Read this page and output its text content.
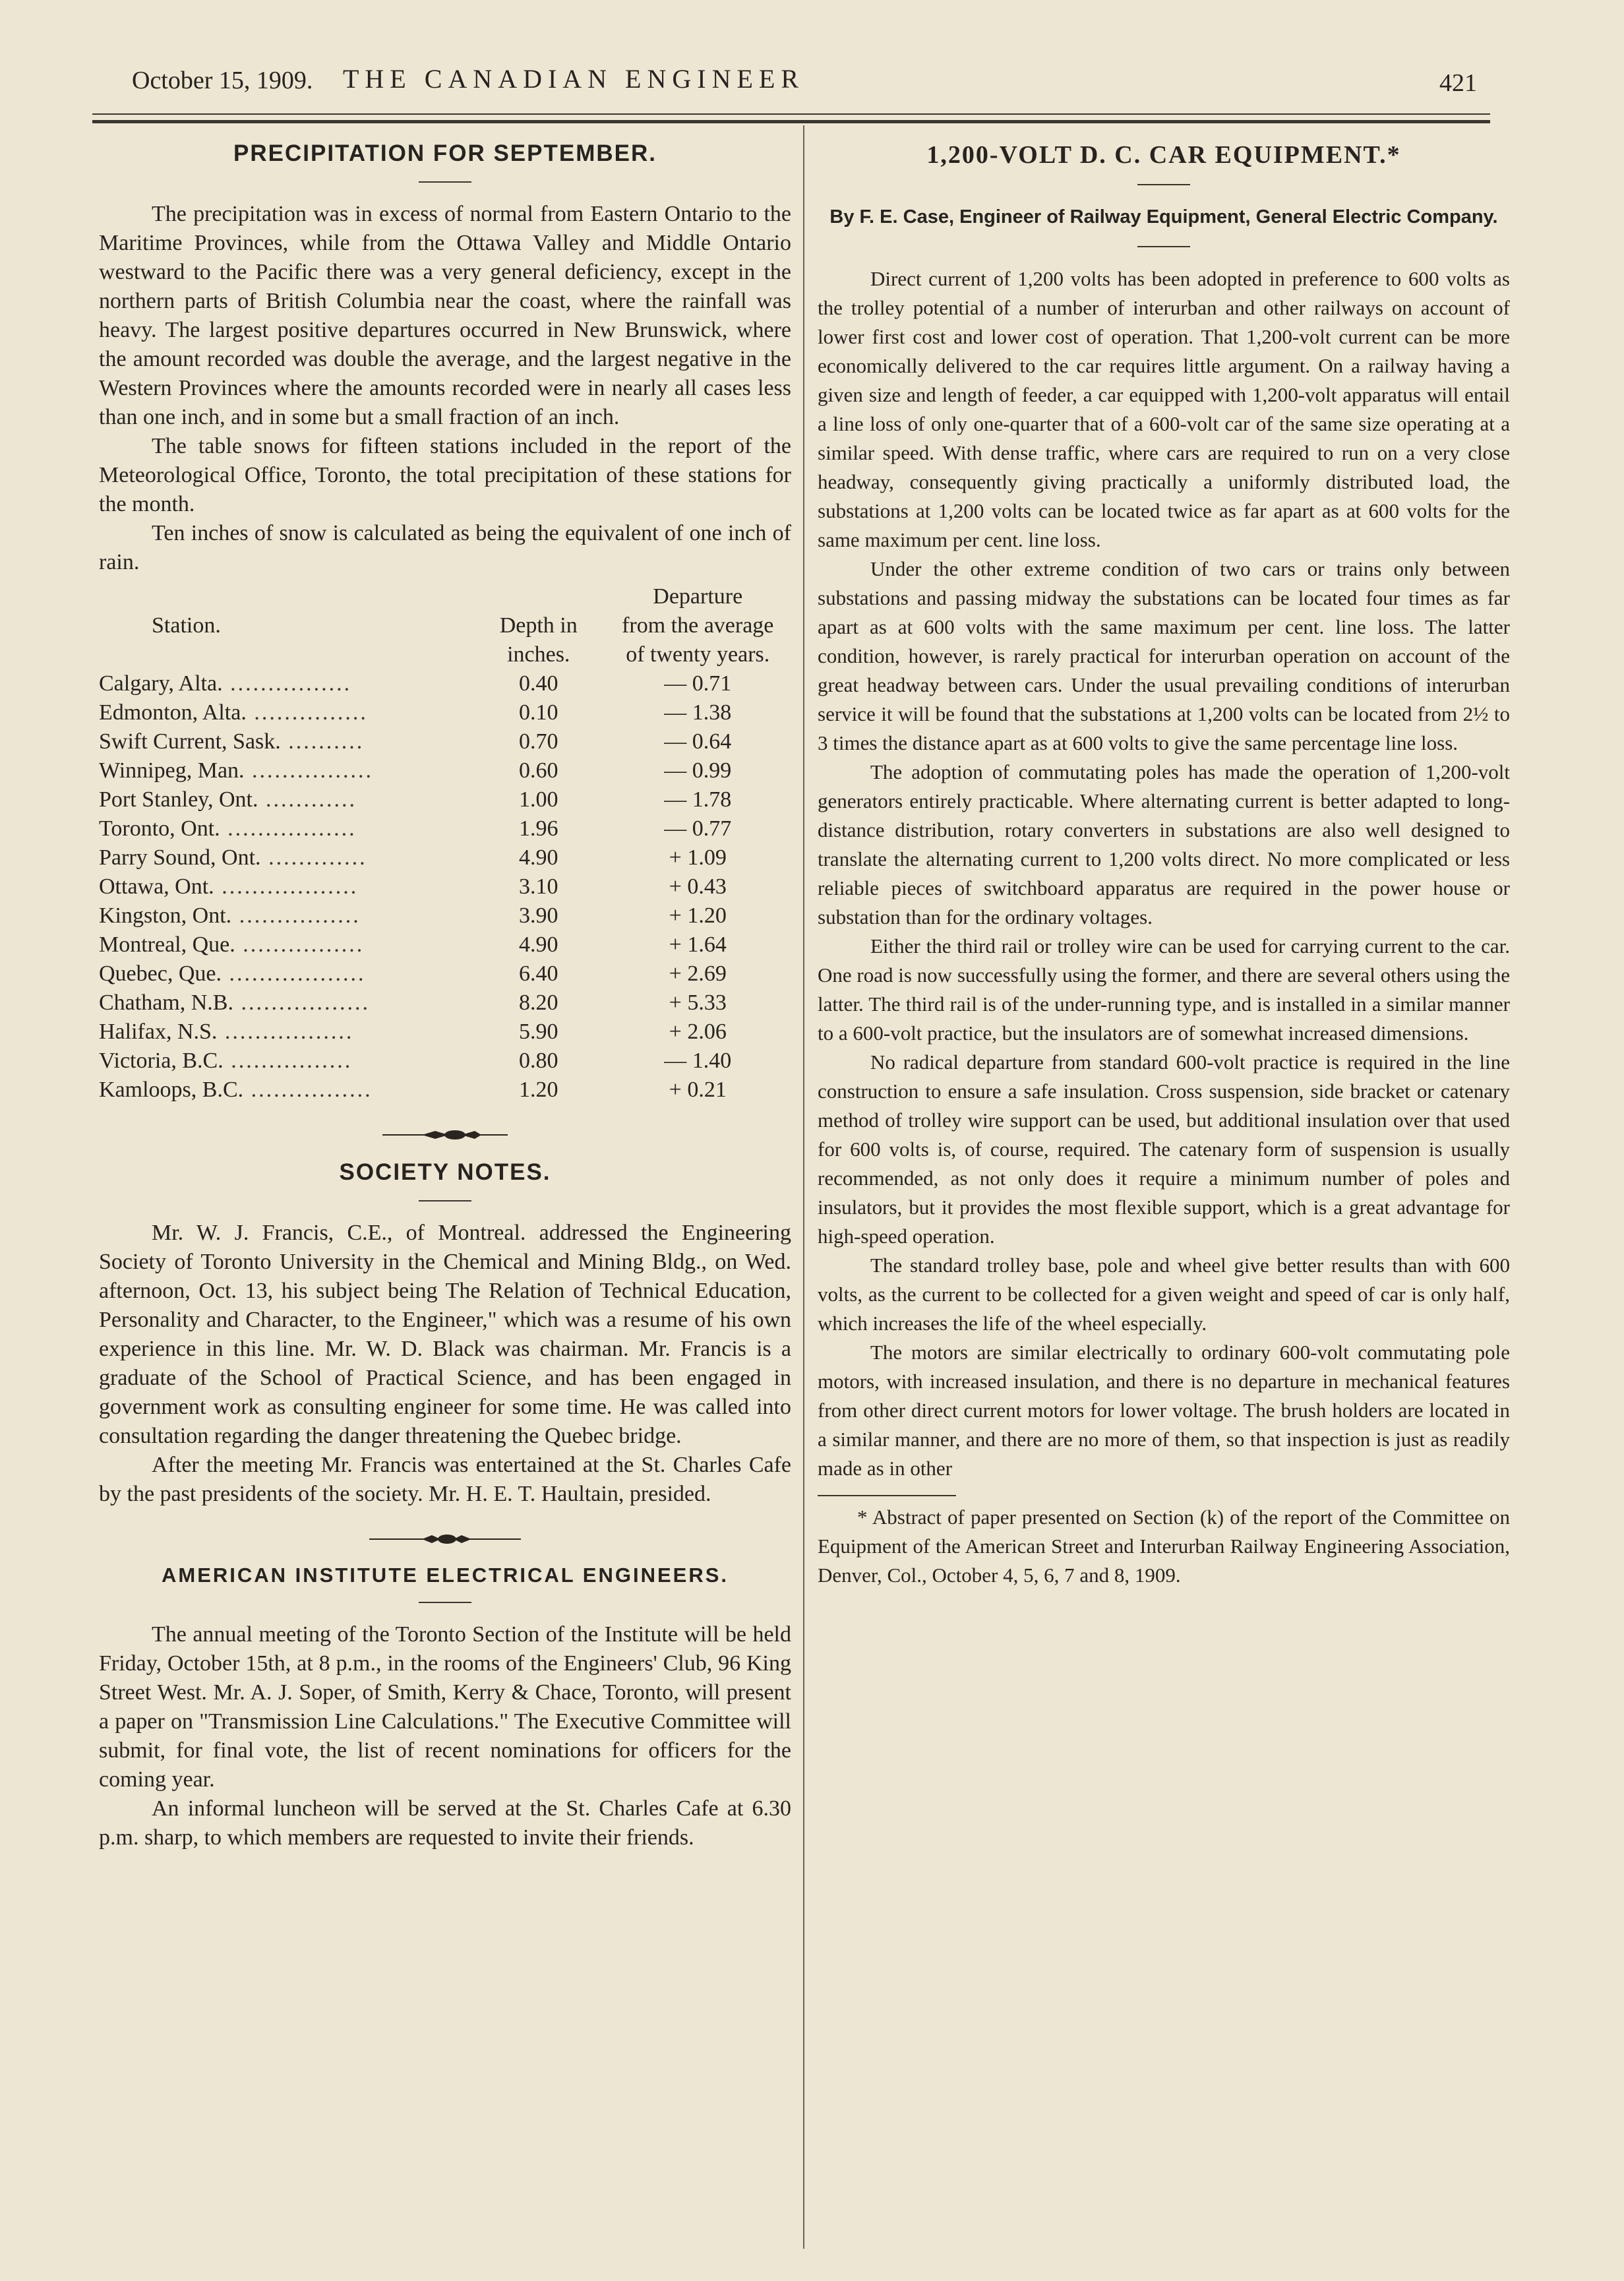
October 15, 1909.	THE CANADIAN ENGINEER	421
PRECIPITATION FOR SEPTEMBER.

The precipitation was in excess of normal from Eastern Ontario to the Maritime Provinces, while from the Ottawa Valley and Middle Ontario westward to the Pacific there was a very general deficiency, except in the northern parts of British Columbia near the coast, where the rainfall was heavy. The largest positive departures occurred in New Brunswick, where the amount recorded was double the average, and the largest negative in the Western Provinces where the amounts recorded were in nearly all cases less than one inch, and in some but a small fraction of an inch.

The table snows for fifteen stations included in the report of the Meteorological Office, Toronto, the total precipitation of these stations for the month.

Ten inches of snow is calculated as being the equivalent of one inch of rain.

		Departure
Station.	Depth in	from the average
	inches.	of twenty years.
Calgary, Alta. ................	0.40	— 0.71
Edmonton, Alta. ...............	0.10	— 1.38
Swift Current, Sask. ..........	0.70	— 0.64
Winnipeg, Man. ................	0.60	— 0.99
Port Stanley, Ont. ............	1.00	— 1.78
Toronto, Ont. .................	1.96	— 0.77
Parry Sound, Ont. .............	4.90	+ 1.09
Ottawa, Ont. ..................	3.10	+ 0.43
Kingston, Ont. ................	3.90	+ 1.20
Montreal, Que. ................	4.90	+ 1.64
Quebec, Que. ..................	6.40	+ 2.69
Chatham, N.B. .................	8.20	+ 5.33
Halifax, N.S. .................	5.90	+ 2.06
Victoria, B.C. ................	0.80	— 1.40
Kamloops, B.C. ................	1.20	+ 0.21
SOCIETY NOTES.

Mr. W. J. Francis, C.E., of Montreal. addressed the Engineering Society of Toronto University in the Chemical and Mining Bldg., on Wed. afternoon, Oct. 13, his subject being The Relation of Technical Education, Personality and Character, to the Engineer," which was a resume of his own experience in this line. Mr. W. D. Black was chairman. Mr. Francis is a graduate of the School of Practical Science, and has been engaged in government work as consulting engineer for some time. He was called into consultation regarding the danger threatening the Quebec bridge.

After the meeting Mr. Francis was entertained at the St. Charles Cafe by the past presidents of the society. Mr. H. E. T. Haultain, presided.

AMERICAN INSTITUTE ELECTRICAL ENGINEERS.

The annual meeting of the Toronto Section of the Institute will be held Friday, October 15th, at 8 p.m., in the rooms of the Engineers' Club, 96 King Street West. Mr. A. J. Soper, of Smith, Kerry & Chace, Toronto, will present a paper on "Transmission Line Calculations." The Executive Committee will submit, for final vote, the list of recent nominations for officers for the coming year.

An informal luncheon will be served at the St. Charles Cafe at 6.30 p.m. sharp, to which members are requested to invite their friends.

1,200-VOLT D. C. CAR EQUIPMENT.*

By F. E. Case, Engineer of Railway Equipment, General Electric Company.

Direct current of 1,200 volts has been adopted in preference to 600 volts as the trolley potential of a number of interurban and other railways on account of lower first cost and lower cost of operation. That 1,200-volt current can be more economically delivered to the car requires little argument. On a railway having a given size and length of feeder, a car equipped with 1,200-volt apparatus will entail a line loss of only one-quarter that of a 600-volt car of the same size operating at a similar speed. With dense traffic, where cars are required to run on a very close headway, consequently giving practically a uniformly distributed load, the substations at 1,200 volts can be located twice as far apart as at 600 volts for the same maximum per cent. line loss.

Under the other extreme condition of two cars or trains only between substations and passing midway the substations can be located four times as far apart as at 600 volts with the same maximum per cent. line loss. The latter condition, however, is rarely practical for interurban operation on account of the great headway between cars. Under the usual prevailing conditions of interurban service it will be found that the substations at 1,200 volts can be located from 2½ to 3 times the distance apart as at 600 volts to give the same percentage line loss.

The adoption of commutating poles has made the operation of 1,200-volt generators entirely practicable. Where alternating current is better adapted to long-distance distribution, rotary converters in substations are also well designed to translate the alternating current to 1,200 volts direct. No more complicated or less reliable pieces of switchboard apparatus are required in the power house or substation than for the ordinary voltages.

Either the third rail or trolley wire can be used for carrying current to the car. One road is now successfully using the former, and there are several others using the latter. The third rail is of the under-running type, and is installed in a similar manner to a 600-volt practice, but the insulators are of somewhat increased dimensions.

No radical departure from standard 600-volt practice is required in the line construction to ensure a safe insulation. Cross suspension, side bracket or catenary method of trolley wire support can be used, but additional insulation over that used for 600 volts is, of course, required. The catenary form of suspension is usually recommended, as not only does it require a minimum number of poles and insulators, but it provides the most flexible support, which is a great advantage for high-speed operation.

The standard trolley base, pole and wheel give better results than with 600 volts, as the current to be collected for a given weight and speed of car is only half, which increases the life of the wheel especially.

The motors are similar electrically to ordinary 600-volt commutating pole motors, with increased insulation, and there is no departure in mechanical features from other direct current motors for lower voltage. The brush holders are located in a similar manner, and there are no more of them, so that inspection is just as readily made as in other

* Abstract of paper presented on Section (k) of the report of the Committee on Equipment of the American Street and Interurban Railway Engineering Association, Denver, Col., October 4, 5, 6, 7 and 8, 1909.
